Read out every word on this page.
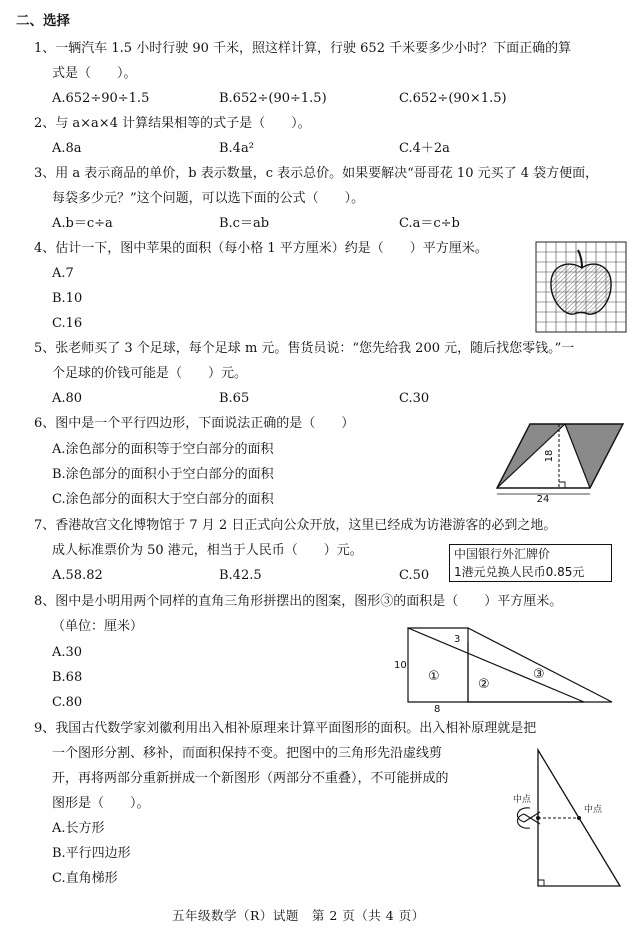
二、选择
1、一辆汽车 1.5 小时行驶 90 千米，照这样计算，行驶 652 千米要多少小时？下面正确的算
式是（　　）。
A.652÷90÷1.5	B.652÷(90÷1.5)	C.652÷(90×1.5)
2、与 a×a×4 计算结果相等的式子是（　　）。
A.8a	B.4a²	C.4＋2a
3、用 a 表示商品的单价，b 表示数量，c 表示总价。如果要解决“哥哥花 10 元买了 4 袋方便面，
每袋多少元？”这个问题，可以选下面的公式（　　）。
A.b＝c÷a	B.c＝ab	C.a＝c÷b
4、估计一下，图中苹果的面积（每小格 1 平方厘米）约是（　　）平方厘米。
A.7
B.10
C.16
5、张老师买了 3 个足球，每个足球 m 元。售货员说：“您先给我 200 元，随后找您零钱。”一
个足球的价钱可能是（　　）元。
A.80	B.65	C.30
6、图中是一个平行四边形，下面说法正确的是（　　）
A.涂色部分的面积等于空白部分的面积
B.涂色部分的面积小于空白部分的面积
C.涂色部分的面积大于空白部分的面积
18
24
7、香港故宫文化博物馆于 7 月 2 日正式向公众开放，这里已经成为访港游客的必到之地。
成人标准票价为 50 港元，相当于人民币（　　）元。
A.58.82	B.42.5	C.50
中国银行外汇牌价
1港元兑换人民币0.85元
8、图中是小明用两个同样的直角三角形拼摆出的图案，图形③的面积是（　　）平方厘米。
（单位：厘米）
A.30
B.68
C.80
3
10
8
①
②
③
9、我国古代数学家刘徽利用出入相补原理来计算平面图形的面积。出入相补原理就是把
一个图形分割、移补，而面积保持不变。把图中的三角形先沿虚线剪
开，再将两部分重新拼成一个新图形（两部分不重叠），不可能拼成的
图形是（　　）。
A.长方形
B.平行四边形
C.直角梯形
中点
中点
五年级数学（R）试题　第 2 页（共 4 页）
